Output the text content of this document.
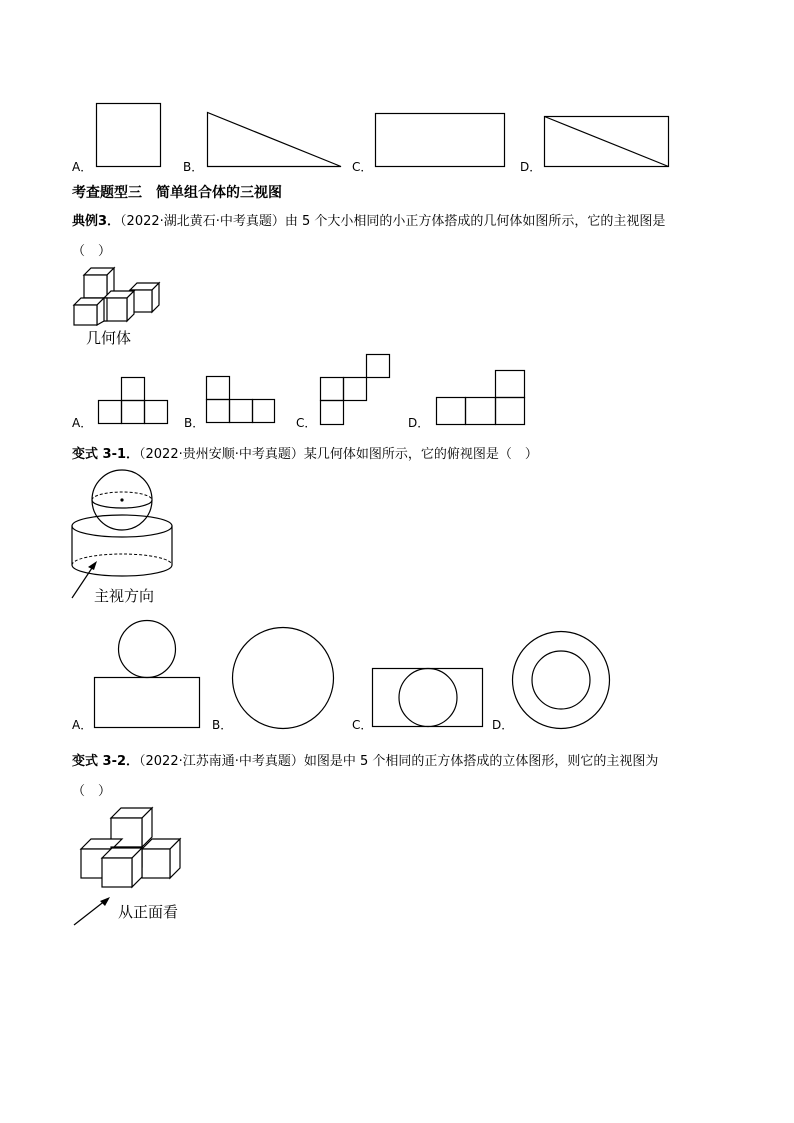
A．	B．	C．	D．
考查题型三　简单组合体的三视图
典例3．（2022·湖北黄石·中考真题）由 5 个大小相同的小正方体搭成的几何体如图所示，它的主视图是
（　）
几何体
A．	B．	C．	D．
变式 3-1．（2022·贵州安顺·中考真题）某几何体如图所示，它的俯视图是（　）
主视方向
A．	B．	C．	D．
变式 3-2．（2022·江苏南通·中考真题）如图是中 5 个相同的正方体搭成的立体图形，则它的主视图为
（　）
从正面看
